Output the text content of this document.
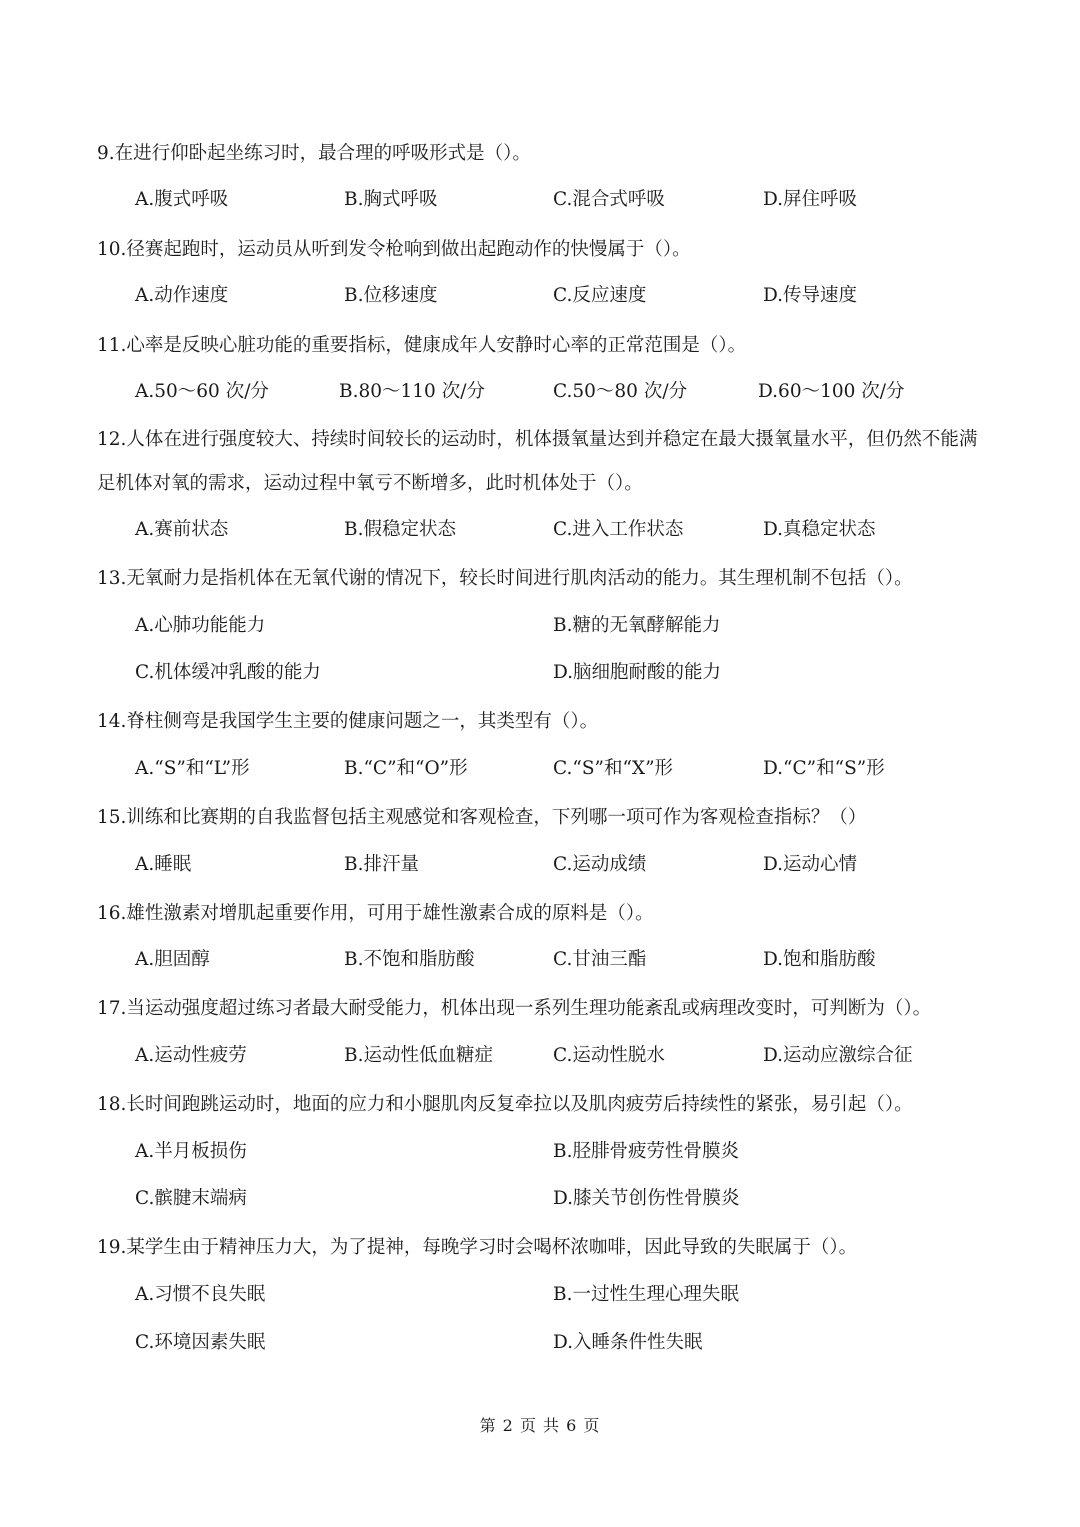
9.在进行仰卧起坐练习时，最合理的呼吸形式是（）。
A.腹式呼吸	B.胸式呼吸	C.混合式呼吸	D.屏住呼吸
10.径赛起跑时，运动员从听到发令枪响到做出起跑动作的快慢属于（）。
A.动作速度	B.位移速度	C.反应速度	D.传导速度
11.心率是反映心脏功能的重要指标，健康成年人安静时心率的正常范围是（）。
A.50～60 次/分	B.80～110 次/分	C.50～80 次/分	D.60～100 次/分
12.人体在进行强度较大、持续时间较长的运动时，机体摄氧量达到并稳定在最大摄氧量水平，但仍然不能满足机体对氧的需求，运动过程中氧亏不断增多，此时机体处于（）。
A.赛前状态	B.假稳定状态	C.进入工作状态	D.真稳定状态
13.无氧耐力是指机体在无氧代谢的情况下，较长时间进行肌肉活动的能力。其生理机制不包括（）。
A.心肺功能能力	B.糖的无氧酵解能力
C.机体缓冲乳酸的能力	D.脑细胞耐酸的能力
14.脊柱侧弯是我国学生主要的健康问题之一，其类型有（）。
A.“S”和“L”形	B.“C”和“O”形	C.“S”和“X”形	D.“C”和“S”形
15.训练和比赛期的自我监督包括主观感觉和客观检查，下列哪一项可作为客观检查指标？（）
A.睡眠	B.排汗量	C.运动成绩	D.运动心情
16.雄性激素对增肌起重要作用，可用于雄性激素合成的原料是（）。
A.胆固醇	B.不饱和脂肪酸	C.甘油三酯	D.饱和脂肪酸
17.当运动强度超过练习者最大耐受能力，机体出现一系列生理功能紊乱或病理改变时，可判断为（）。
A.运动性疲劳	B.运动性低血糖症	C.运动性脱水	D.运动应激综合征
18.长时间跑跳运动时，地面的应力和小腿肌肉反复牵拉以及肌肉疲劳后持续性的紧张，易引起（）。
A.半月板损伤	B.胫腓骨疲劳性骨膜炎
C.髌腱末端病	D.膝关节创伤性骨膜炎
19.某学生由于精神压力大，为了提神，每晚学习时会喝杯浓咖啡，因此导致的失眠属于（）。
A.习惯不良失眠	B.一过性生理心理失眠
C.环境因素失眠	D.入睡条件性失眠
第 2 页 共 6 页
